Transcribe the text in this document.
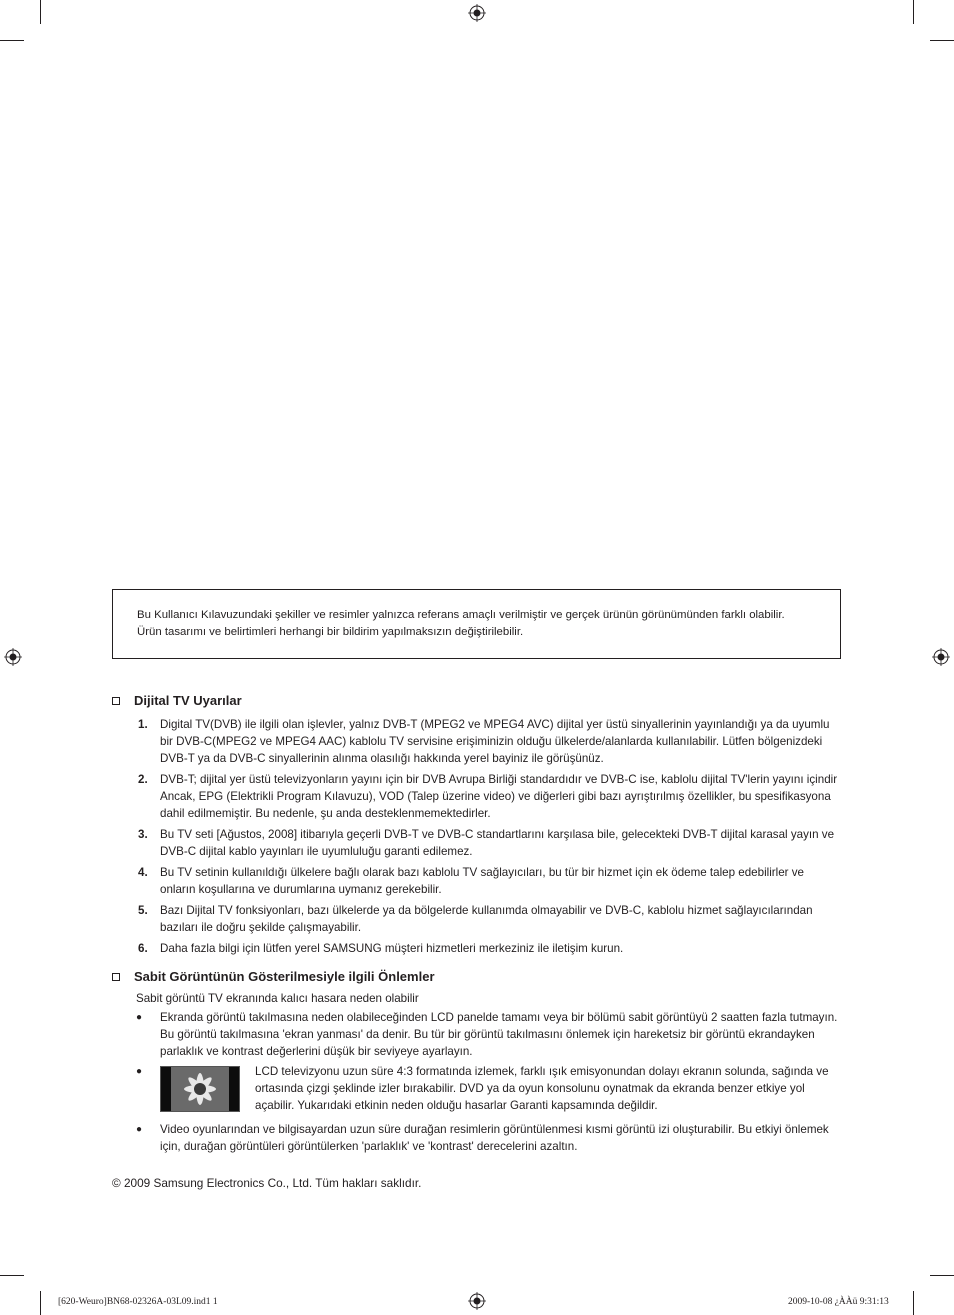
Bu Kullanıcı Kılavuzundaki şekiller ve resimler yalnızca referans amaçlı verilmiştir ve gerçek ürünün görünümünden farklı olabilir.
Ürün tasarımı ve belirtimleri herhangi bir bildirim yapılmaksızın değiştirilebilir.
Dijital TV Uyarılar
1. Digital TV(DVB) ile ilgili olan işlevler, yalnız DVB-T (MPEG2 ve MPEG4 AVC) dijital yer üstü sinyallerinin yayınlandığı ya da uyumlu bir DVB-C(MPEG2 ve MPEG4 AAC) kablolu TV servisine erişiminizin olduğu ülkelerde/alanlarda kullanılabilir. Lütfen bölgenizdeki DVB-T ya da DVB-C sinyallerinin alınma olasılığı hakkında yerel bayiniz ile görüşünüz.
2. DVB-T; dijital yer üstü televizyonların yayını için bir DVB Avrupa Birliği standardıdır ve DVB-C ise, kablolu dijital TV'lerin yayını içindir Ancak, EPG (Elektrikli Program Kılavuzu), VOD (Talep üzerine video) ve diğerleri gibi bazı ayrıştırılmış özellikler, bu spesifikasyona dahil edilmemiştir. Bu nedenle, şu anda desteklenmemektedirler.
3. Bu TV seti [Ağustos, 2008] itibarıyla geçerli DVB-T ve DVB-C standartlarını karşılasa bile, gelecekteki DVB-T dijital karasal yayın ve DVB-C dijital kablo yayınları ile uyumluluğu garanti edilemez.
4. Bu TV setinin kullanıldığı ülkelere bağlı olarak bazı kablolu TV sağlayıcıları, bu tür bir hizmet için ek ödeme talep edebilirler ve onların koşullarına ve durumlarına uymanız gerekebilir.
5. Bazı Dijital TV fonksiyonları, bazı ülkelerde ya da bölgelerde kullanımda olmayabilir ve DVB-C, kablolu hizmet sağlayıcılarından bazıları ile doğru şekilde çalışmayabilir.
6. Daha fazla bilgi için lütfen yerel SAMSUNG müşteri hizmetleri merkeziniz ile iletişim kurun.
Sabit Görüntünün Gösterilmesiyle ilgili Önlemler
Sabit görüntü TV ekranında kalıcı hasara neden olabilir
●	Ekranda görüntü takılmasına neden olabileceğinden LCD panelde tamamı veya bir bölümü sabit görüntüyü 2 saatten fazla tutmayın. Bu görüntü takılmasına 'ekran yanması' da denir. Bu tür bir görüntü takılmasını önlemek için hareketsiz bir görüntü ekrandayken parlaklık ve kontrast değerlerini düşük bir seviyeye ayarlayın.
●	LCD televizyonu uzun süre 4:3 formatında izlemek, farklı ışık emisyonundan dolayı ekranın solunda, sağında ve ortasında çizgi şeklinde izler bırakabilir. DVD ya da oyun konsolunu oynatmak da ekranda benzer etkiye yol açabilir. Yukarıdaki etkinin neden olduğu hasarlar Garanti kapsamında değildir.
●	Video oyunlarından ve bilgisayardan uzun süre durağan resimlerin görüntülenmesi kısmi görüntü izi oluşturabilir. Bu etkiyi önlemek için, durağan görüntüleri görüntülerken 'parlaklık' ve 'kontrast' derecelerini azaltın.
© 2009 Samsung Electronics Co., Ltd. Tüm hakları saklıdır.
[620-Weuro]BN68-02326A-03L09.ind1 1	2009-10-08 ¿ÀÀü 9:31:13
